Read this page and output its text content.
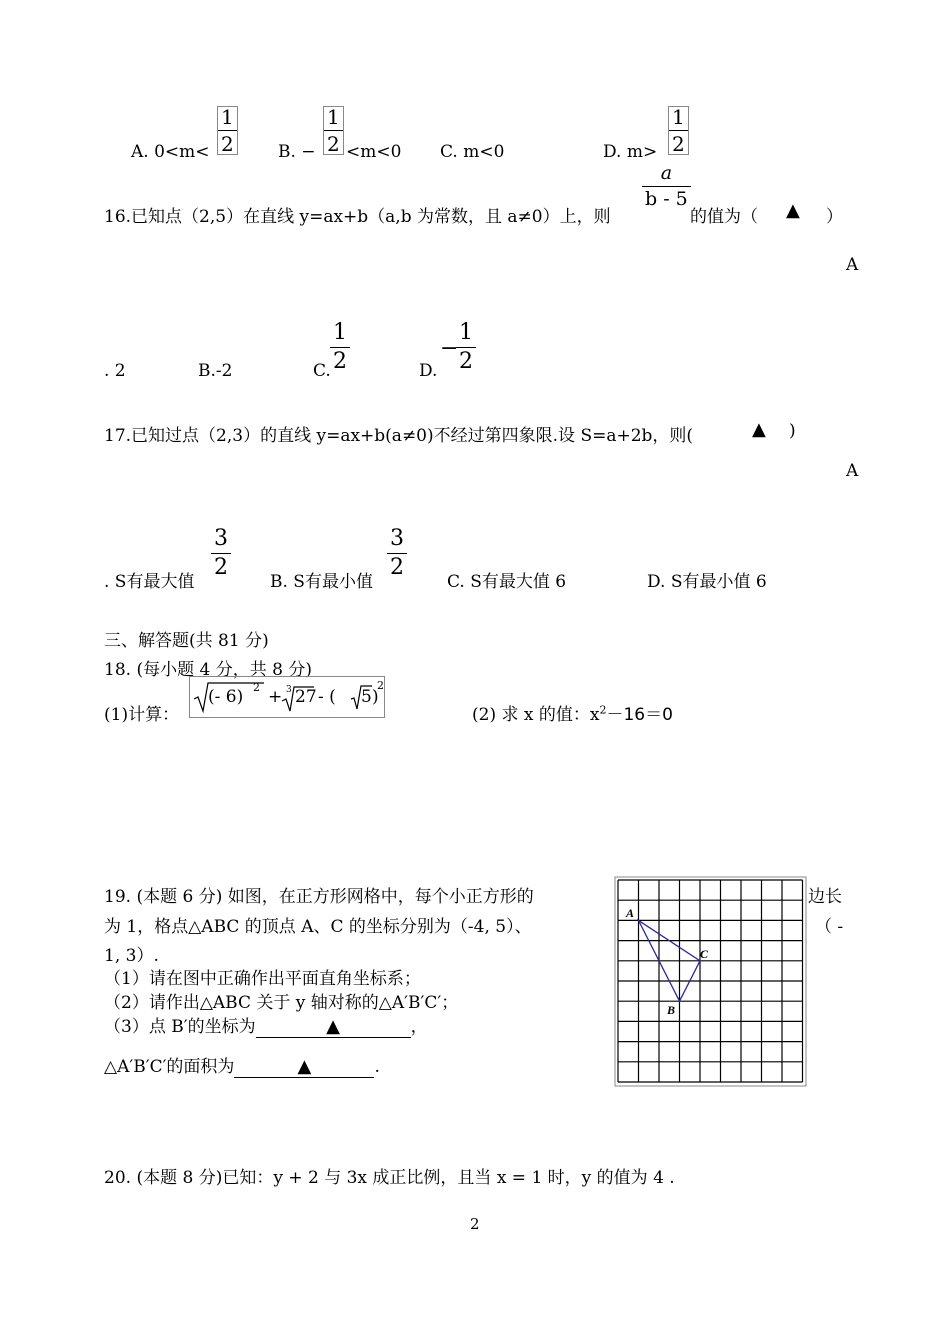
A. 0<m<
1
2	B. −
1
2 <m<0 C. m<0	D. m>
1
2
16.已知点（2,5）在直线 y=ax+b（a,b 为常数，且 a≠0）上，则
a
b - 5
的值为（ ▲ ）
A
. 2	B.-2	C.
1
2	D.
−
1
2
17.已知过点（2,3）的直线 y=ax+b(a≠0)不经过第四象限.设 S=a+2b，则(	▲ )
A
. S有最大值
3
2
B. S有最小值
3
2
C. S有最大值 6	D. S有最小值 6
三、解答题(共 81 分)
18. (每小题 4 分，共 8 分)
(1)计算：
(- 6) $^2$ + 3 27 - ( 5 )
$^2$
(2) 求 x 的值：$x^2-16=0$
19. (本题 6 分) 如图，在正方形网格中，每个小正方形的	边长
为 1，格点△ABC 的顶点 A、C 的坐标分别为（-4, 5）、	（ -
1, 3）.
（1）请在图中正确作出平面直角坐标系；
（2）请作出△ABC 关于 y 轴对称的△A′B′C′；
（3）点 B′的坐标为	▲	，
△A′B′C′的面积为	▲	.
A
C
B
20. (本题 8 分)已知：y + 2 与 3x 成正比例，且当 x = 1 时，y 的值为 4 .
2
